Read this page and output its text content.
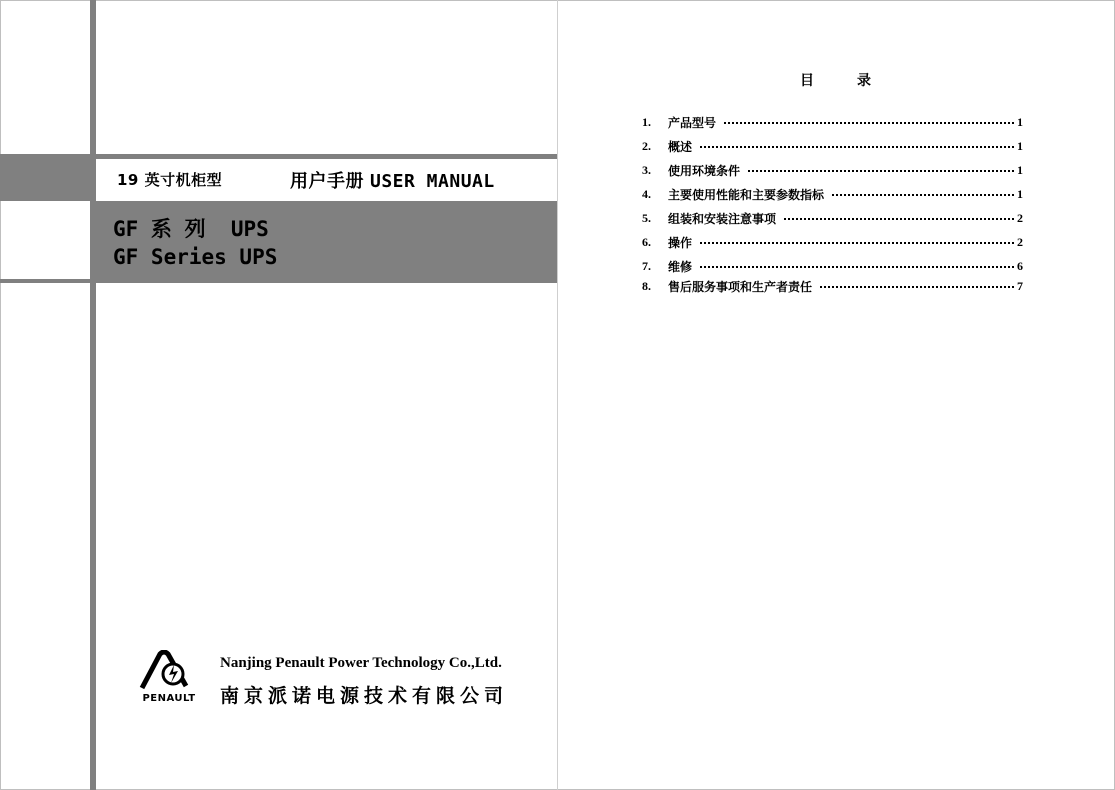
19 英寸机柜型	用户手册 USER MANUAL
GF 系 列  UPS
GF Series UPS
PENAULT
Nanjing Penault Power Technology Co.,Ltd.
南京派诺电源技术有限公司
目	录
1.	产品型号	1
2.	概述	1
3.	使用环境条件	1
4.	主要使用性能和主要参数指标	1
5.	组装和安装注意事项	2
6.	操作	2
7.	维修	6
8.	售后服务事项和生产者责任	7
